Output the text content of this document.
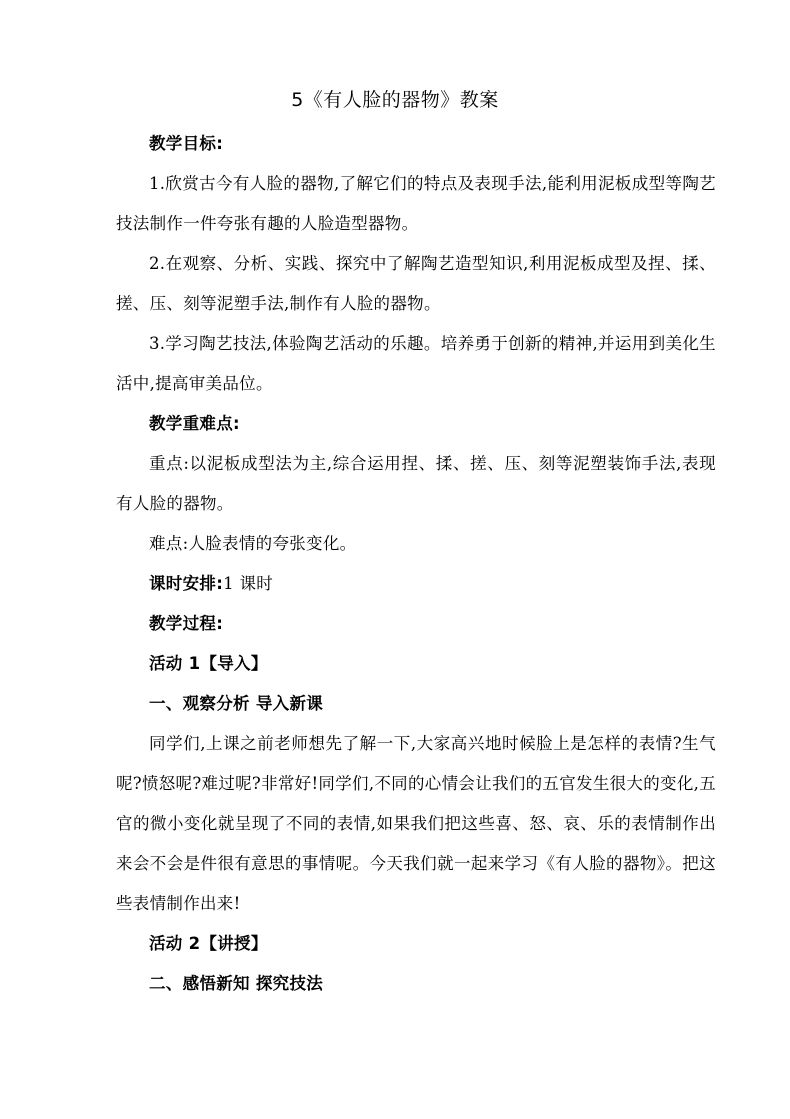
5《有人脸的器物》教案

教学目标:

1.欣赏古今有人脸的器物,了解它们的特点及表现手法,能利用泥板成型等陶艺技法制作一件夸张有趣的人脸造型器物。

2.在观察、分析、实践、探究中了解陶艺造型知识,利用泥板成型及捏、揉、搓、压、刻等泥塑手法,制作有人脸的器物。

3.学习陶艺技法,体验陶艺活动的乐趣。培养勇于创新的精神,并运用到美化生活中,提高审美品位。

教学重难点:

重点:以泥板成型法为主,综合运用捏、揉、搓、压、刻等泥塑装饰手法,表现有人脸的器物。

难点:人脸表情的夸张变化。

课时安排:1 课时

教学过程:

活动 1【导入】

一、观察分析 导入新课

同学们,上课之前老师想先了解一下,大家高兴地时候脸上是怎样的表情?生气呢?愤怒呢?难过呢?非常好!同学们,不同的心情会让我们的五官发生很大的变化,五官的微小变化就呈现了不同的表情,如果我们把这些喜、怒、哀、乐的表情制作出来会不会是件很有意思的事情呢。今天我们就一起来学习《有人脸的器物》。把这些表情制作出来!

活动 2【讲授】

二、感悟新知 探究技法
